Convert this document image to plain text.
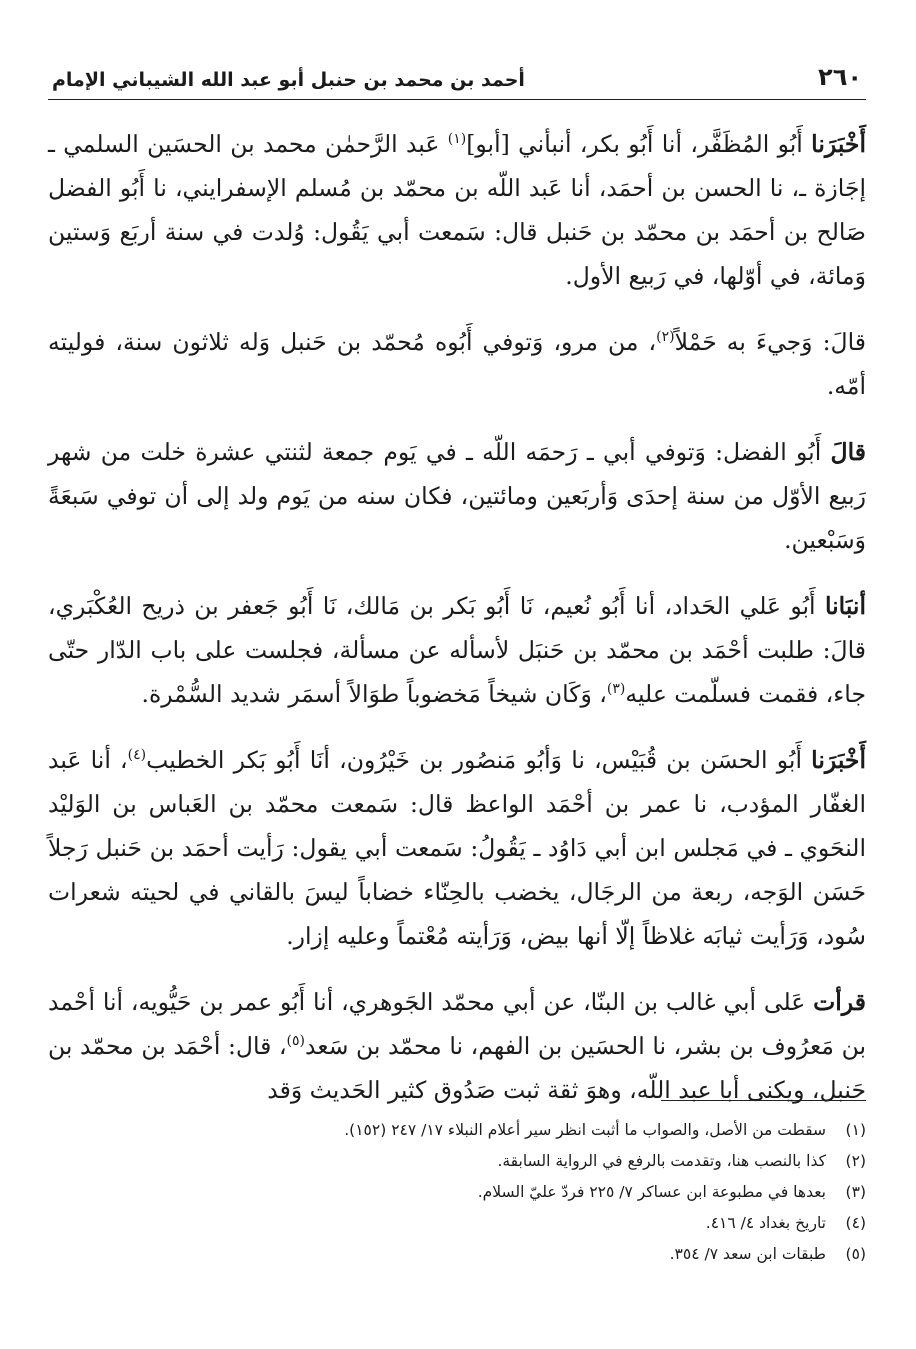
٢٦٠
أحمد بن محمد بن حنبل أبو عبد الله الشيباني الإمام

أَخْبَرَنا أَبُو المُظَفَّر، أنا أَبُو بكر، أنبأني [أبو]$^{(١)}$ عَبد الرَّحمٰن محمد بن الحسَين السلمي ـ إجَازة ـ، نا الحسن بن أحمَد، أنا عَبد اللّه بن محمّد بن مُسلم الإسفرايني، نا أَبُو الفضل صَالح بن أحمَد بن محمّد بن حَنبل قال: سَمعت أبي يَقُول: وُلدت في سنة أربَع وَستين وَمائة، في أوّلها، في رَبيع الأول.

قالَ: وَجيءَ به حَمْلاً$^{(٢)}$، من مرو، وَتوفي أَبُوه مُحمّد بن حَنبل وَله ثلاثون سنة، فوليته أمّه.

قالَ أَبُو الفضل: وَتوفي أبي ـ رَحمَه اللّه ـ في يَوم جمعة لثنتي عشرة خلت من شهر رَبيع الأوّل من سنة إحدَى وَأربَعين ومائتين، فكان سنه من يَوم ولد إلى أن توفي سَبعَةً وَسَبْعين.

أنبَانا أَبُو عَلي الحَداد، أنا أَبُو نُعيم، نَا أَبُو بَكر بن مَالك، نَا أَبُو جَعفر بن ذريح العُكْبَري، قالَ: طلبت أحْمَد بن محمّد بن حَنبَل لأسأله عن مسألة، فجلست على باب الدّار حتّى جاء، فقمت فسلّمت عليه$^{(٣)}$، وَكَان شيخاً مَخضوباً طوَالاً أسمَر شديد السُّمْرة.

أَخْبَرَنا أَبُو الحسَن بن قُبَيْس، نا وَأبُو مَنصُور بن خَيْرُون، أنَا أَبُو بَكر الخطيب$^{(٤)}$، أنا عَبد الغفّار المؤدب، نا عمر بن أحْمَد الواعظ قال: سَمعت محمّد بن العَباس بن الوَليْد النحَوي ـ في مَجلس ابن أبي دَاوُد ـ يَقُولُ: سَمعت أبي يقول: رَأيت أحمَد بن حَنبل رَجلاً حَسَن الوَجه، ربعة من الرجَال، يخضب بالحِنّاء خضاباً ليسَ بالقاني في لحيته شعرات سُود، وَرَأيت ثيابَه غلاظاً إلّا أنها بيض، وَرَأيته مُعْتماً وعليه إزار.

قرأت عَلى أبي غالب بن البنّا، عن أبي محمّد الجَوهري، أنا أَبُو عمر بن حَيُّويه، أنا أحْمد بن مَعرُوف بن بشر، نا الحسَين بن الفهم، نا محمّد بن سَعد$^{(٥)}$، قال: أحْمَد بن محمّد بن حَنبل، ويكنى أبا عبد اللّه، وهوَ ثقة ثبت صَدُوق كثير الحَديث وَقد

(١)
سقطت من الأصل، والصواب ما أثبت انظر سير أعلام النبلاء ١٧/ ٢٤٧ (١٥٢).
(٢)
كذا بالنصب هنا، وتقدمت بالرفع في الرواية السابقة.
(٣)
بعدها في مطبوعة ابن عساكر ٧/ ٢٢٥ فردّ عليّ السلام.
(٤)
تاريخ بغداد ٤/ ٤١٦.
(٥)
طبقات ابن سعد ٧/ ٣٥٤.
